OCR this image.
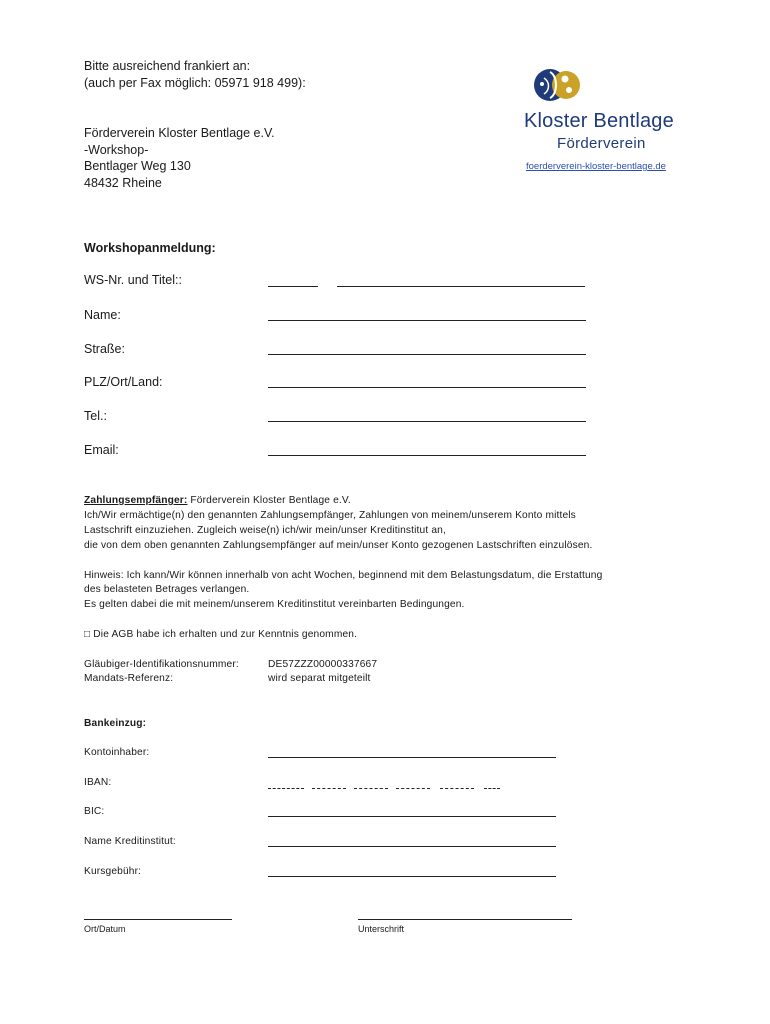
Bitte ausreichend frankiert an:
(auch per Fax möglich: 05971 918 499):
Förderverein Kloster Bentlage e.V.
-Workshop-
Bentlager Weg 130
48432 Rheine
Kloster Bentlage
Förderverein
foerderverein-kloster-bentlage.de
Workshopanmeldung:
WS-Nr. und Titel::
Name:
Straße:
PLZ/Ort/Land:
Tel.:
Email:
Zahlungsempfänger: Förderverein Kloster Bentlage e.V.
Ich/Wir ermächtige(n) den genannten Zahlungsempfänger, Zahlungen von meinem/unserem Konto mittels
Lastschrift einzuziehen. Zugleich weise(n) ich/wir mein/unser Kreditinstitut an,
die von dem oben genannten Zahlungsempfänger auf mein/unser Konto gezogenen Lastschriften einzulösen.
Hinweis: Ich kann/Wir können innerhalb von acht Wochen, beginnend mit dem Belastungsdatum, die Erstattung
des belasteten Betrages verlangen.
Es gelten dabei die mit meinem/unserem Kreditinstitut vereinbarten Bedingungen.
□ Die AGB habe ich erhalten und zur Kenntnis genommen.
Gläubiger-Identifikationsnummer:	DE57ZZZ00000337667
Mandats-Referenz:	wird separat mitgeteilt
Bankeinzug:
Kontoinhaber:
IBAN:
BIC:
Name Kreditinstitut:
Kursgebühr:
Ort/Datum	Unterschrift
